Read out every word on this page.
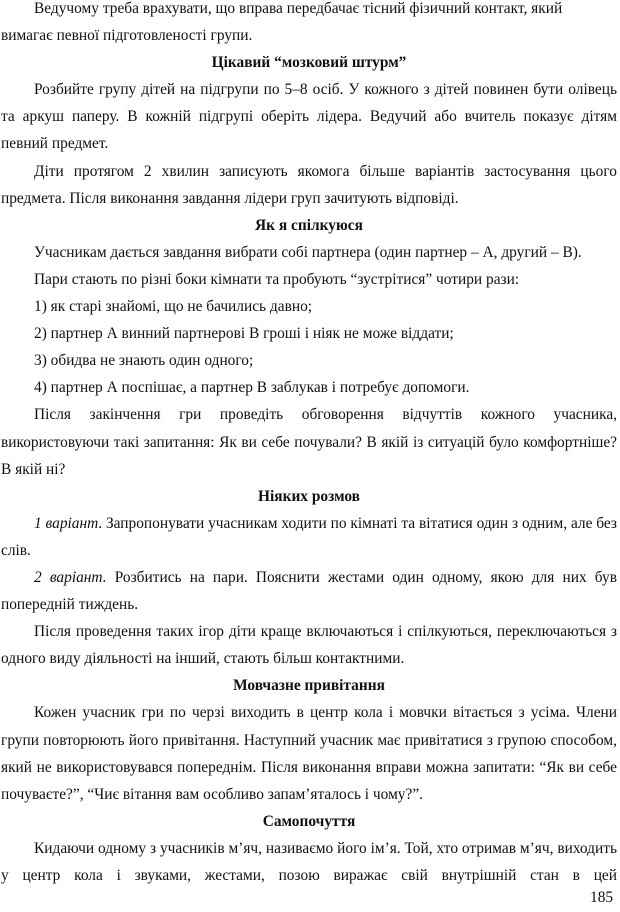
Ведучому треба врахувати, що вправа передбачає тісний фізичний контакт, який

вимагає певної підготовленості групи.

Цікавий “мозковий штурм”

Розбийте групу дітей на підгрупи по 5–8 осіб. У кожного з дітей повинен бути олівець та аркуш паперу. В кожній підгрупі оберіть лідера. Ведучий або вчитель показує дітям певний предмет.

Діти протягом 2 хвилин записують якомога більше варіантів застосування цього предмета. Після виконання завдання лідери груп зачитують відповіді.

Як я спілкуюся

Учасникам дається завдання вибрати собі партнера (один партнер – А, другий – В).

Пари стають по різні боки кімнати та пробують “зустрітися” чотири рази:

1) як старі знайомі, що не бачились давно;

2) партнер А винний партнерові В гроші і ніяк не може віддати;

3) обидва не знають один одного;

4) партнер А поспішає, а партнер В заблукав і потребує допомоги.

Після закінчення гри проведіть обговорення відчуттів кожного учасника, використовуючи такі запитання: Як ви себе почували? В якій із ситуацій було комфортніше? В якій ні?

Ніяких розмов

1 варіант. Запропонувати учасникам ходити по кімнаті та вітатися один з одним, але без слів.

2 варіант. Розбитись на пари. Пояснити жестами один одному, якою для них був попередній тиждень.

Після проведення таких ігор діти краще включаються і спілкуються, переключаються з одного виду діяльності на інший, стають більш контактними.

Мовчазне привітання

Кожен учасник гри по черзі виходить в центр кола і мовчки вітається з усіма. Члени групи повторюють його привітання. Наступний учасник має привітатися з групою способом, який не використовувався попереднім. Після виконання вправи можна запитати: “Як ви себе почуваєте?”, “Чиє вітання вам особливо запам’яталось і чому?”.

Самопочуття

Кидаючи одному з учасників м’яч, називаємо його ім’я. Той, хто отримав м’яч, виходить у центр кола і звуками, жестами, позою виражає свій внутрішній стан в цей

185
